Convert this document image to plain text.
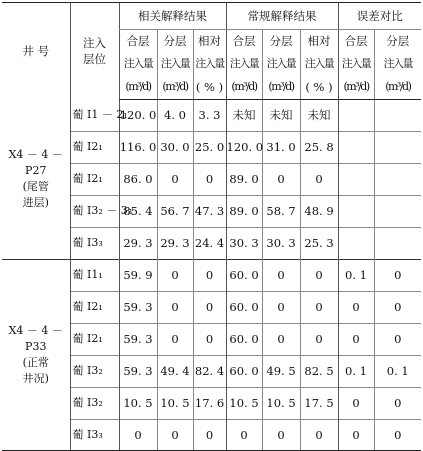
井 号	注入
层位	相关解释结果			常规解释结果			误差对比	
		合层	分层	相对	合层	分层	相对	合层	分层
		注入量	注入量	注入量	注入量	注入量	注入量	注入量	注入量
		(m³/d)	(m³/d)	( % )	(m³/d)	(m³/d)	( % )	(m³/d)	(m³/d)

X4 － 4 － P27
(尾管
进层)	葡 I1 － 2₁	120. 0	4. 0	3. 3	未知	未知	未知		
	葡 I2₁	116. 0	30. 0	25. 0	120. 0	31. 0	25. 8		
	葡 I2₁	86. 0	0	0	89. 0	0	0		
	葡 I3₂ － 3₃	85. 4	56. 7	47. 3	89. 0	58. 7	48. 9		
	葡 I3₃	29. 3	29. 3	24. 4	30. 3	30. 3	25. 3		

X4 － 4 － P33
(正常
井况)	葡 I1₁	59. 9	0	0	60. 0	0	0	0. 1	0
	葡 I2₁	59. 3	0	0	60. 0	0	0	0	0
	葡 I2₁	59. 3	0	0	60. 0	0	0	0	0
	葡 I3₂	59. 3	49. 4	82. 4	60. 0	49. 5	82. 5	0. 1	0. 1
	葡 I3₂	10. 5	10. 5	17. 6	10. 5	10. 5	17. 5	0	0
	葡 I3₃	0	0	0	0	0	0	0	0
